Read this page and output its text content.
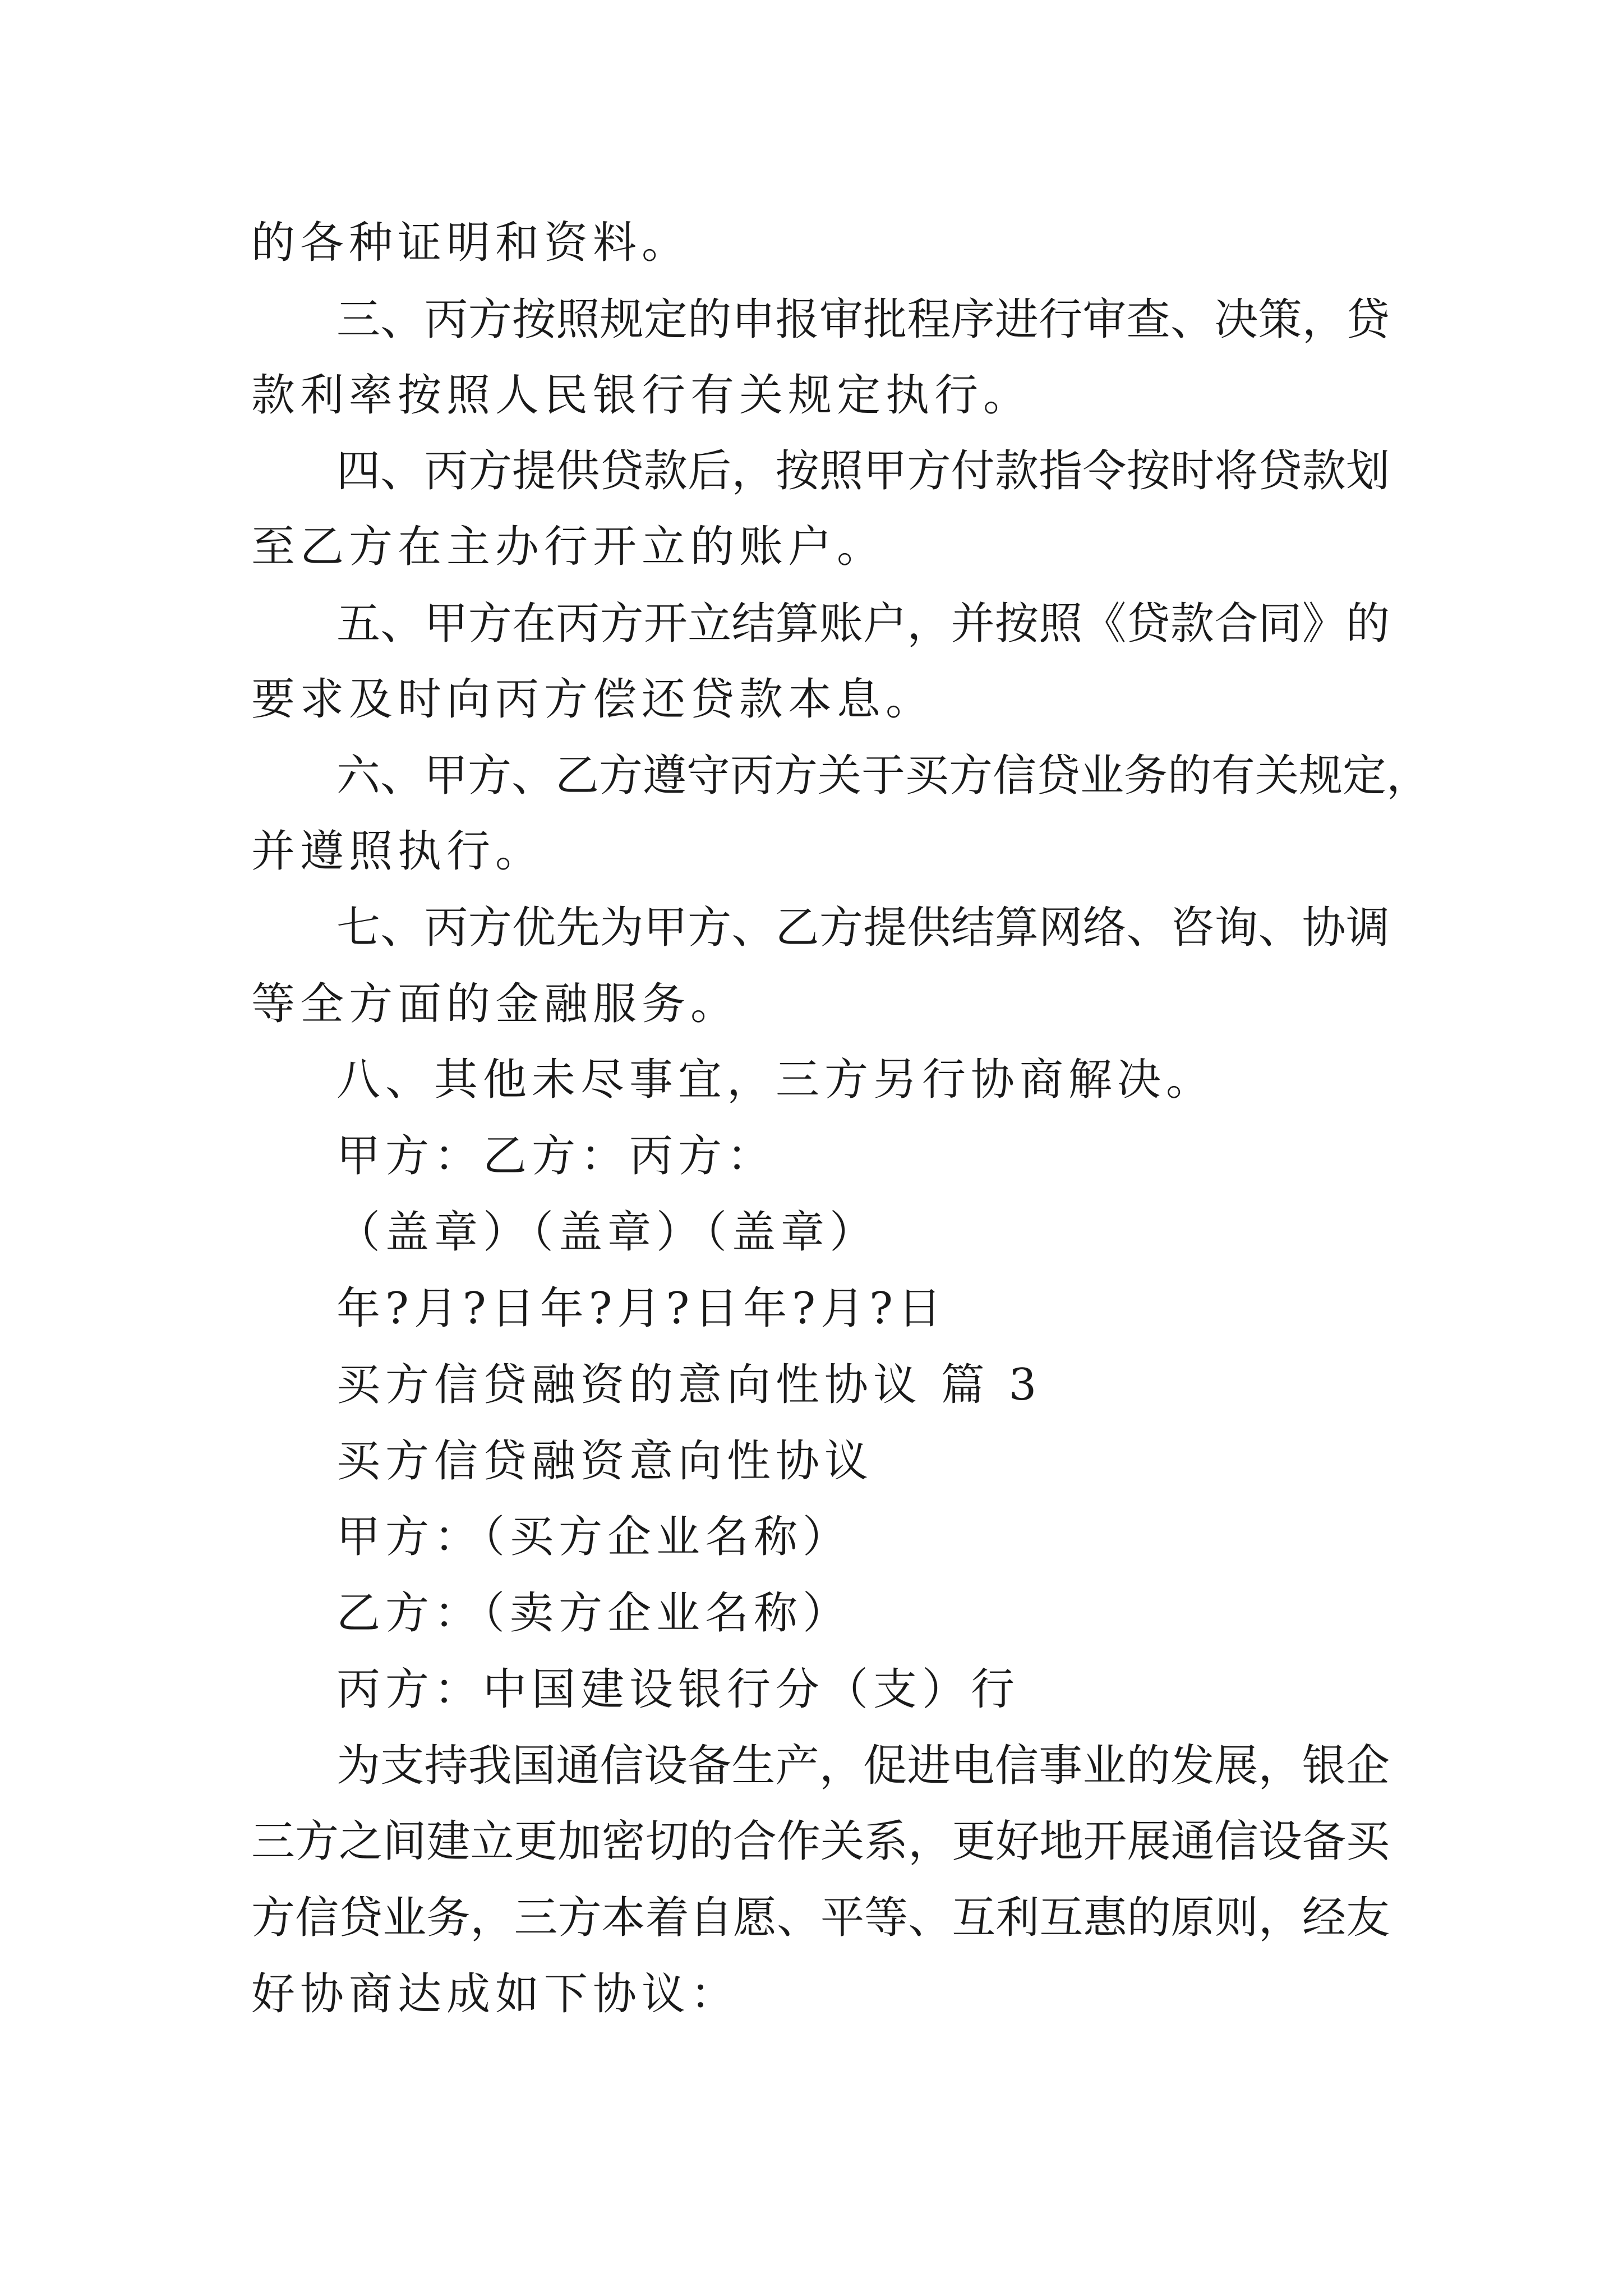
的各种证明和资料。
三、丙方按照规定的申报审批程序进行审查、决策，贷
款利率按照人民银行有关规定执行。
四、丙方提供贷款后，按照甲方付款指令按时将贷款划
至乙方在主办行开立的账户。
五、甲方在丙方开立结算账户，并按照《贷款合同》的
要求及时向丙方偿还贷款本息。
六、甲方、乙方遵守丙方关于买方信贷业务的有关规定，
并遵照执行。
七、丙方优先为甲方、乙方提供结算网络、咨询、协调
等全方面的金融服务。
八、其他未尽事宜，三方另行协商解决。
甲方：乙方：丙方：
（盖章）（盖章）（盖章）
年?月?日年?月?日年?月?日
买方信贷融资的意向性协议 篇 3
买方信贷融资意向性协议
甲方：（买方企业名称）
乙方：（卖方企业名称）
丙方：中国建设银行分（支）行
为支持我国通信设备生产，促进电信事业的发展，银企
三方之间建立更加密切的合作关系，更好地开展通信设备买
方信贷业务，三方本着自愿、平等、互利互惠的原则，经友
好协商达成如下协议：
